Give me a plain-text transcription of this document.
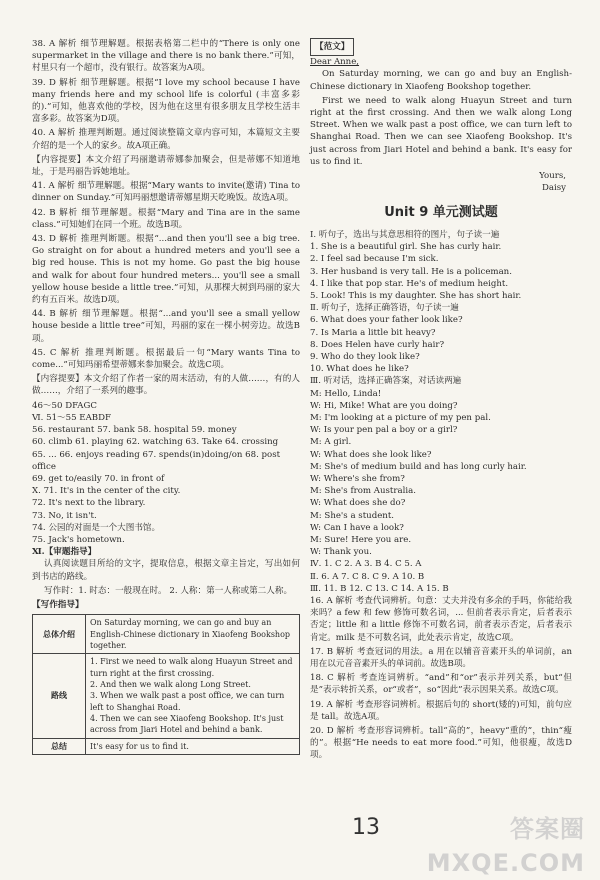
38. A 解析 细节理解题。根据表格第二栏中的“There is only one supermarket in the village and there is no bank there.”可知，村里只有一个超市，没有银行。故答案为A项。

39. D 解析 细节理解题。根据“I love my school because I have many friends here and my school life is colorful (丰富多彩的).”可知，他喜欢他的学校，因为他在这里有很多朋友且学校生活丰富多彩。故答案为D项。

40. A 解析 推理判断题。通过阅读整篇文章内容可知，本篇短文主要介绍的是一个人的家乡。故A项正确。

【内容提要】本文介绍了玛丽邀请蒂娜参加聚会，但是蒂娜不知道地址，于是玛丽告诉她地址。

41. A 解析 细节理解题。根据“Mary wants to invite(邀请) Tina to dinner on Sunday.”可知玛丽想邀请蒂娜星期天吃晚饭。故选A项。

42. B 解析 细节理解题。根据“Mary and Tina are in the same class.”可知她们在同一个班。故选B项。

43. D 解析 推理判断题。根据“...and then you'll see a big tree. Go straight on for about a hundred meters and you'll see a big red house. This is not my home. Go past the big house and walk for about four hundred meters... you'll see a small yellow house beside a little tree.”可知，从那棵大树到玛丽的家大约有五百米。故选D项。

44. B 解析 细节理解题。根据“...and you'll see a small yellow house beside a little tree”可知，玛丽的家在一棵小树旁边。故选B项。

45. C 解析 推理判断题。根据最后一句“Mary wants Tina to come...”可知玛丽希望蒂娜来参加聚会。故选C项。

【内容提要】本文介绍了作者一家的周末活动，有的人做……，有的人做……，介绍了一系列的趣事。

46～50 DFAGC

Ⅵ. 51～55 EABDF

56. restaurant 57. bank 58. hospital 59. money

60. climb 61. playing 62. watching 63. Take 64. crossing

65. ... 66. enjoys reading 67. spends(in)doing/on 68. post office

69. get to/easily 70. in front of

Ⅹ. 71. It's in the center of the city.

72. It's next to the library.

73. No, it isn't.

74. 公园的对面是一个大图书馆。

75. Jack's hometown.

Ⅺ.【审题指导】

认真阅读题目所给的文字，提取信息，根据文章主旨定，写出如何到书店的路线。

写作时：1. 时态：一般现在时。 2. 人称：第一人称或第二人称。

【写作指导】

总体介绍	On Saturday morning, we can go and buy an English-Chinese dictionary in Xiaofeng Bookshop together.
路线	1. First we need to walk along Huayun Street and turn right at the first crossing.
2. And then we walk along Long Street.
3. When we walk past a post office, we can turn left to Shanghai Road.
4. Then we can see Xiaofeng Bookshop. It's just across from Jiari Hotel and behind a bank.

总结	It's easy for us to find it.

【范文】

Dear Anne,

On Saturday morning, we can go and buy an English-Chinese dictionary in Xiaofeng Bookshop together.

First we need to walk along Huayun Street and turn right at the first crossing. And then we walk along Long Street. When we walk past a post office, we can turn left to Shanghai Road. Then we can see Xiaofeng Bookshop. It's just across from Jiari Hotel and behind a bank. It's easy for us to find it.

Yours,

Daisy

Unit 9 单元测试题

Ⅰ. 听句子，选出与其意思相符的图片，句子读一遍

1. She is a beautiful girl. She has curly hair.

2. I feel sad because I'm sick.

3. Her husband is very tall. He is a policeman.

4. I like that pop star. He's of medium height.

5. Look! This is my daughter. She has short hair.

Ⅱ. 听句子，选择正确答语，句子读一遍

6. What does your father look like?

7. Is Maria a little bit heavy?

8. Does Helen have curly hair?

9. Who do they look like?

10. What does he like?

Ⅲ. 听对话，选择正确答案，对话读两遍

M: Hello, Linda!

W: Hi, Mike! What are you doing?

M: I'm looking at a picture of my pen pal.

W: Is your pen pal a boy or a girl?

M: A girl.

W: What does she look like?

M: She's of medium build and has long curly hair.

W: Where's she from?

M: She's from Australia.

W: What does she do?

M: She's a student.

W: Can I have a look?

M: Sure! Here you are.

W: Thank you.

Ⅳ. 1. C 2. A 3. B 4. C 5. A

Ⅱ. 6. A 7. C 8. C 9. A 10. B

Ⅲ. 11. B 12. C 13. C 14. A 15. B

16. A 解析 考查代词辨析。句意：丈夫并没有多余的手吗，你能给我来吗？a few 和 few 修饰可数名词，... 但前者表示肯定，后者表示否定；little 和 a little 修饰不可数名词，前者表示否定，后者表示肯定。milk 是不可数名词，此处表示肯定，故选C项。

17. B 解析 考查冠词的用法。a 用在以辅音音素开头的单词前，an 用在以元音音素开头的单词前。故选B项。

18. C 解析 考查连词辨析。“and”和“or”表示并列关系，but“但是”表示转折关系，or“或者”，so“因此”表示因果关系。故选C项。

19. A 解析 考查形容词辨析。根据后句的 short(矮的)可知，前句应是 tall。故选A项。

20. D 解析 考查形容词辨析。tall“高的”，heavy“重的”，thin“瘦的”。根据“He needs to eat more food.”可知，他很瘦，故选D项。

13	答案圈 MXQE.COM
